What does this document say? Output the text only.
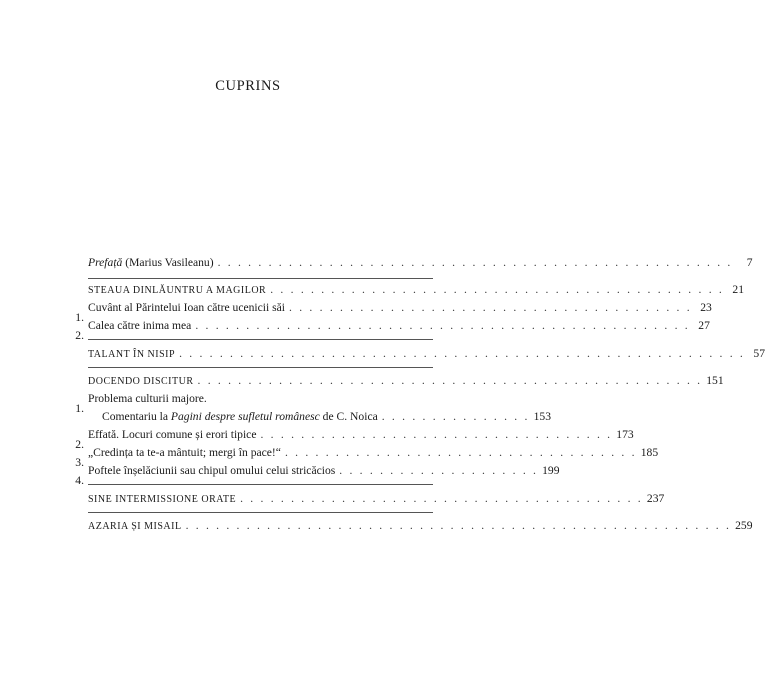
CUPRINS
Prefață (Marius Vasileanu) . . . . . . . . . . . . . . . . . . . . . . . . . . . . . . . . . . . . . . . . . . . . . . . . . . .	7
STEAUA DINLĂUNTRU A MAGILOR . . . . . . . . . . . . . . . . . . . . . . . . . . . . . . . . . . . . . . . . . . . . . 21
1.
Cuvânt al Părintelui Ioan către ucenicii săi . . . . . . . . . . . . . . . . . . . . . . . . . . . . . . . . . . . . . . . . 23
2.
Calea către inima mea . . . . . . . . . . . . . . . . . . . . . . . . . . . . . . . . . . . . . . . . . . . . . . . . . 27
TALANT ÎN NISIP . . . . . . . . . . . . . . . . . . . . . . . . . . . . . . . . . . . . . . . . . . . . . . . . . . . . . . . . 57
DOCENDO DISCITUR . . . . . . . . . . . . . . . . . . . . . . . . . . . . . . . . . . . . . . . . . . . . . . . . . . 151
1.
Problema culturii majore.
Comentariu la Pagini despre sufletul românesc de C. Noica . . . . . . . . . . . . . . . 153
2.
Effată. Locuri comune și erori tipice . . . . . . . . . . . . . . . . . . . . . . . . . . . . . . . . . . . 173
3.
„Credința ta te-a mântuit; mergi în pace!“ . . . . . . . . . . . . . . . . . . . . . . . . . . . . . . . . . . . 185
4.
Poftele înșelăciunii sau chipul omului celui stricăcios . . . . . . . . . . . . . . . . . . . . 199
SINE INTERMISSIONE ORATE . . . . . . . . . . . . . . . . . . . . . . . . . . . . . . . . . . . . . . . . 237
AZARIA ȘI MISAIL . . . . . . . . . . . . . . . . . . . . . . . . . . . . . . . . . . . . . . . . . . . . . . . . . . . . . . 259
